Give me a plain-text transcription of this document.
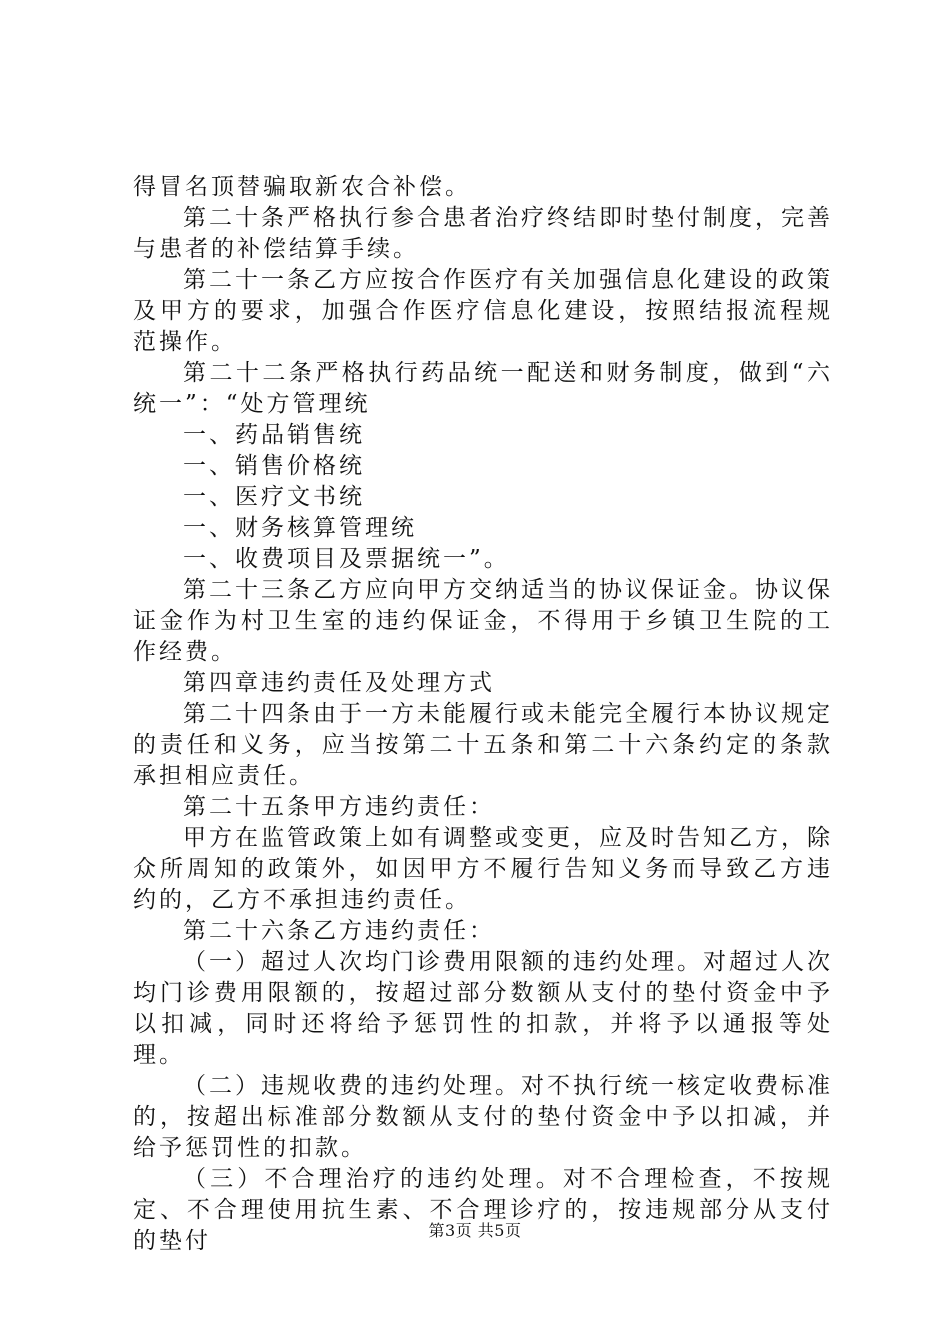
得冒名顶替骗取新农合补偿。

第二十条严格执行参合患者治疗终结即时垫付制度，完善与患者的补偿结算手续。

第二十一条乙方应按合作医疗有关加强信息化建设的政策及甲方的要求，加强合作医疗信息化建设，按照结报流程规范操作。

第二十二条严格执行药品统一配送和财务制度，做到“六统一”：“处方管理统

一、药品销售统

一、销售价格统

一、医疗文书统

一、财务核算管理统

一、收费项目及票据统一”。

第二十三条乙方应向甲方交纳适当的协议保证金。协议保证金作为村卫生室的违约保证金，不得用于乡镇卫生院的工作经费。

第四章违约责任及处理方式

第二十四条由于一方未能履行或未能完全履行本协议规定的责任和义务，应当按第二十五条和第二十六条约定的条款承担相应责任。

第二十五条甲方违约责任：

甲方在监管政策上如有调整或变更，应及时告知乙方，除众所周知的政策外，如因甲方不履行告知义务而导致乙方违约的，乙方不承担违约责任。

第二十六条乙方违约责任：

（一）超过人次均门诊费用限额的违约处理。对超过人次均门诊费用限额的，按超过部分数额从支付的垫付资金中予以扣减，同时还将给予惩罚性的扣款，并将予以通报等处理。

（二）违规收费的违约处理。对不执行统一核定收费标准的，按超出标准部分数额从支付的垫付资金中予以扣减，并给予惩罚性的扣款。

（三）不合理治疗的违约处理。对不合理检查，不按规定、不合理使用抗生素、不合理诊疗的，按违规部分从支付的垫付	第3页 共5页
